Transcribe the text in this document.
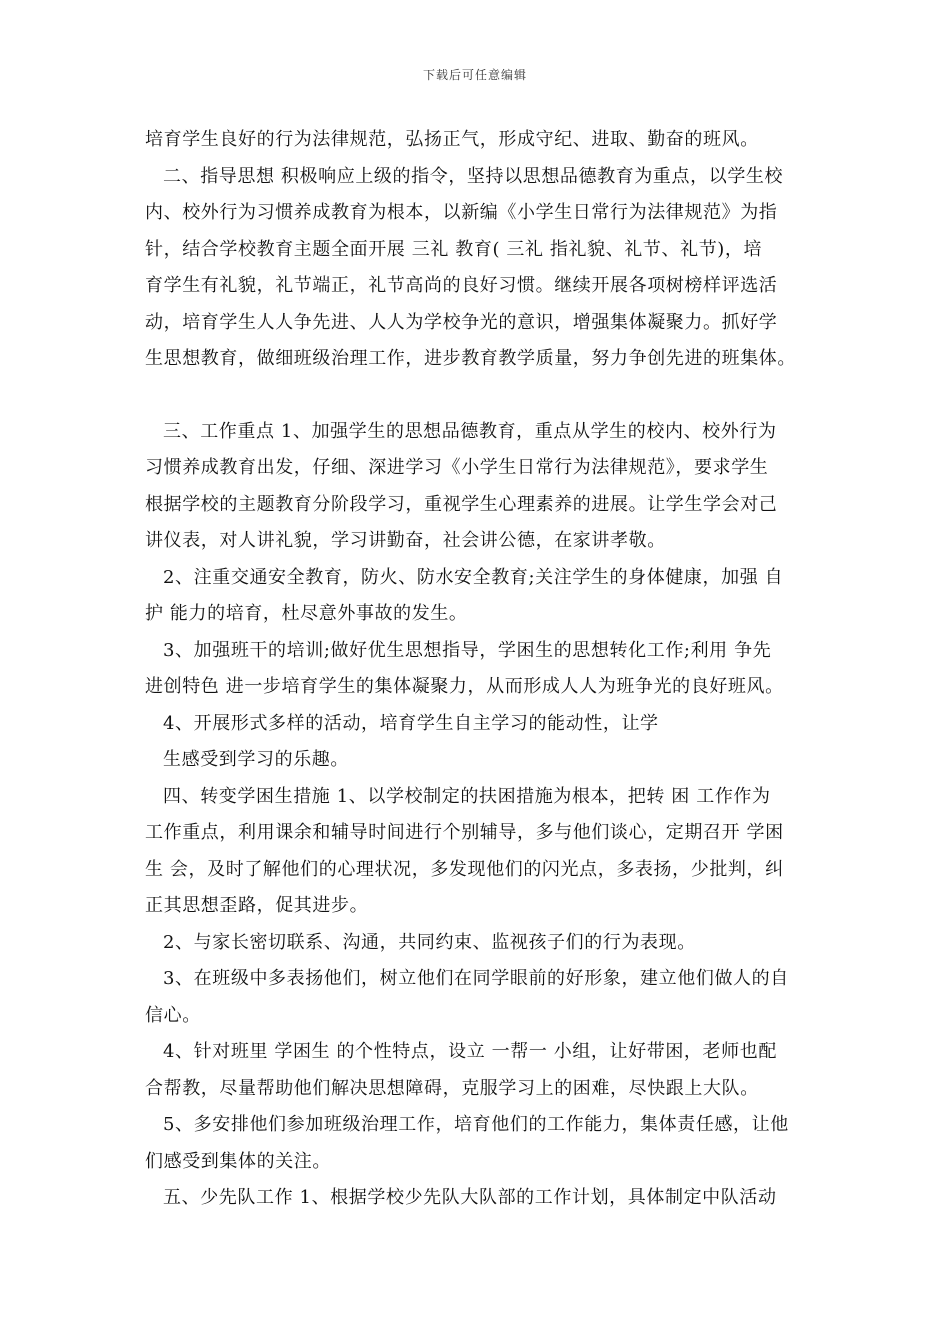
下载后可任意编辑
培育学生良好的行为法律规范，弘扬正气，形成守纪、进取、勤奋的班风。
二、指导思想 积极响应上级的指令，坚持以思想品德教育为重点，以学生校
内、校外行为习惯养成教育为根本，以新编《小学生日常行为法律规范》为指
针，结合学校教育主题全面开展 三礼 教育( 三礼 指礼貌、礼节、礼节)，培
育学生有礼貌，礼节端正，礼节高尚的良好习惯。继续开展各项树榜样评选活
动，培育学生人人争先进、人人为学校争光的意识，增强集体凝聚力。抓好学
生思想教育，做细班级治理工作，进步教育教学质量，努力争创先进的班集体。
三、工作重点 1、加强学生的思想品德教育，重点从学生的校内、校外行为
习惯养成教育出发，仔细、深进学习《小学生日常行为法律规范》，要求学生
根据学校的主题教育分阶段学习，重视学生心理素养的进展。让学生学会对己
讲仪表，对人讲礼貌，学习讲勤奋，社会讲公德，在家讲孝敬。
2、注重交通安全教育，防火、防水安全教育;关注学生的身体健康，加强 自
护 能力的培育，杜尽意外事故的发生。
3、加强班干的培训;做好优生思想指导，学困生的思想转化工作;利用 争先
进创特色 进一步培育学生的集体凝聚力，从而形成人人为班争光的良好班风。
4、开展形式多样的活动，培育学生自主学习的能动性，让学
生感受到学习的乐趣。
四、转变学困生措施 1、以学校制定的扶困措施为根本，把转 困 工作作为
工作重点，利用课余和辅导时间进行个别辅导，多与他们谈心，定期召开 学困
生 会，及时了解他们的心理状况，多发现他们的闪光点，多表扬，少批判，纠
正其思想歪路，促其进步。
2、与家长密切联系、沟通，共同约束、监视孩子们的行为表现。
3、在班级中多表扬他们，树立他们在同学眼前的好形象，建立他们做人的自
信心。
4、针对班里 学困生 的个性特点，设立 一帮一 小组，让好带困，老师也配
合帮教，尽量帮助他们解决思想障碍，克服学习上的困难，尽快跟上大队。
5、多安排他们参加班级治理工作，培育他们的工作能力，集体责任感，让他
们感受到集体的关注。
五、少先队工作 1、根据学校少先队大队部的工作计划，具体制定中队活动
